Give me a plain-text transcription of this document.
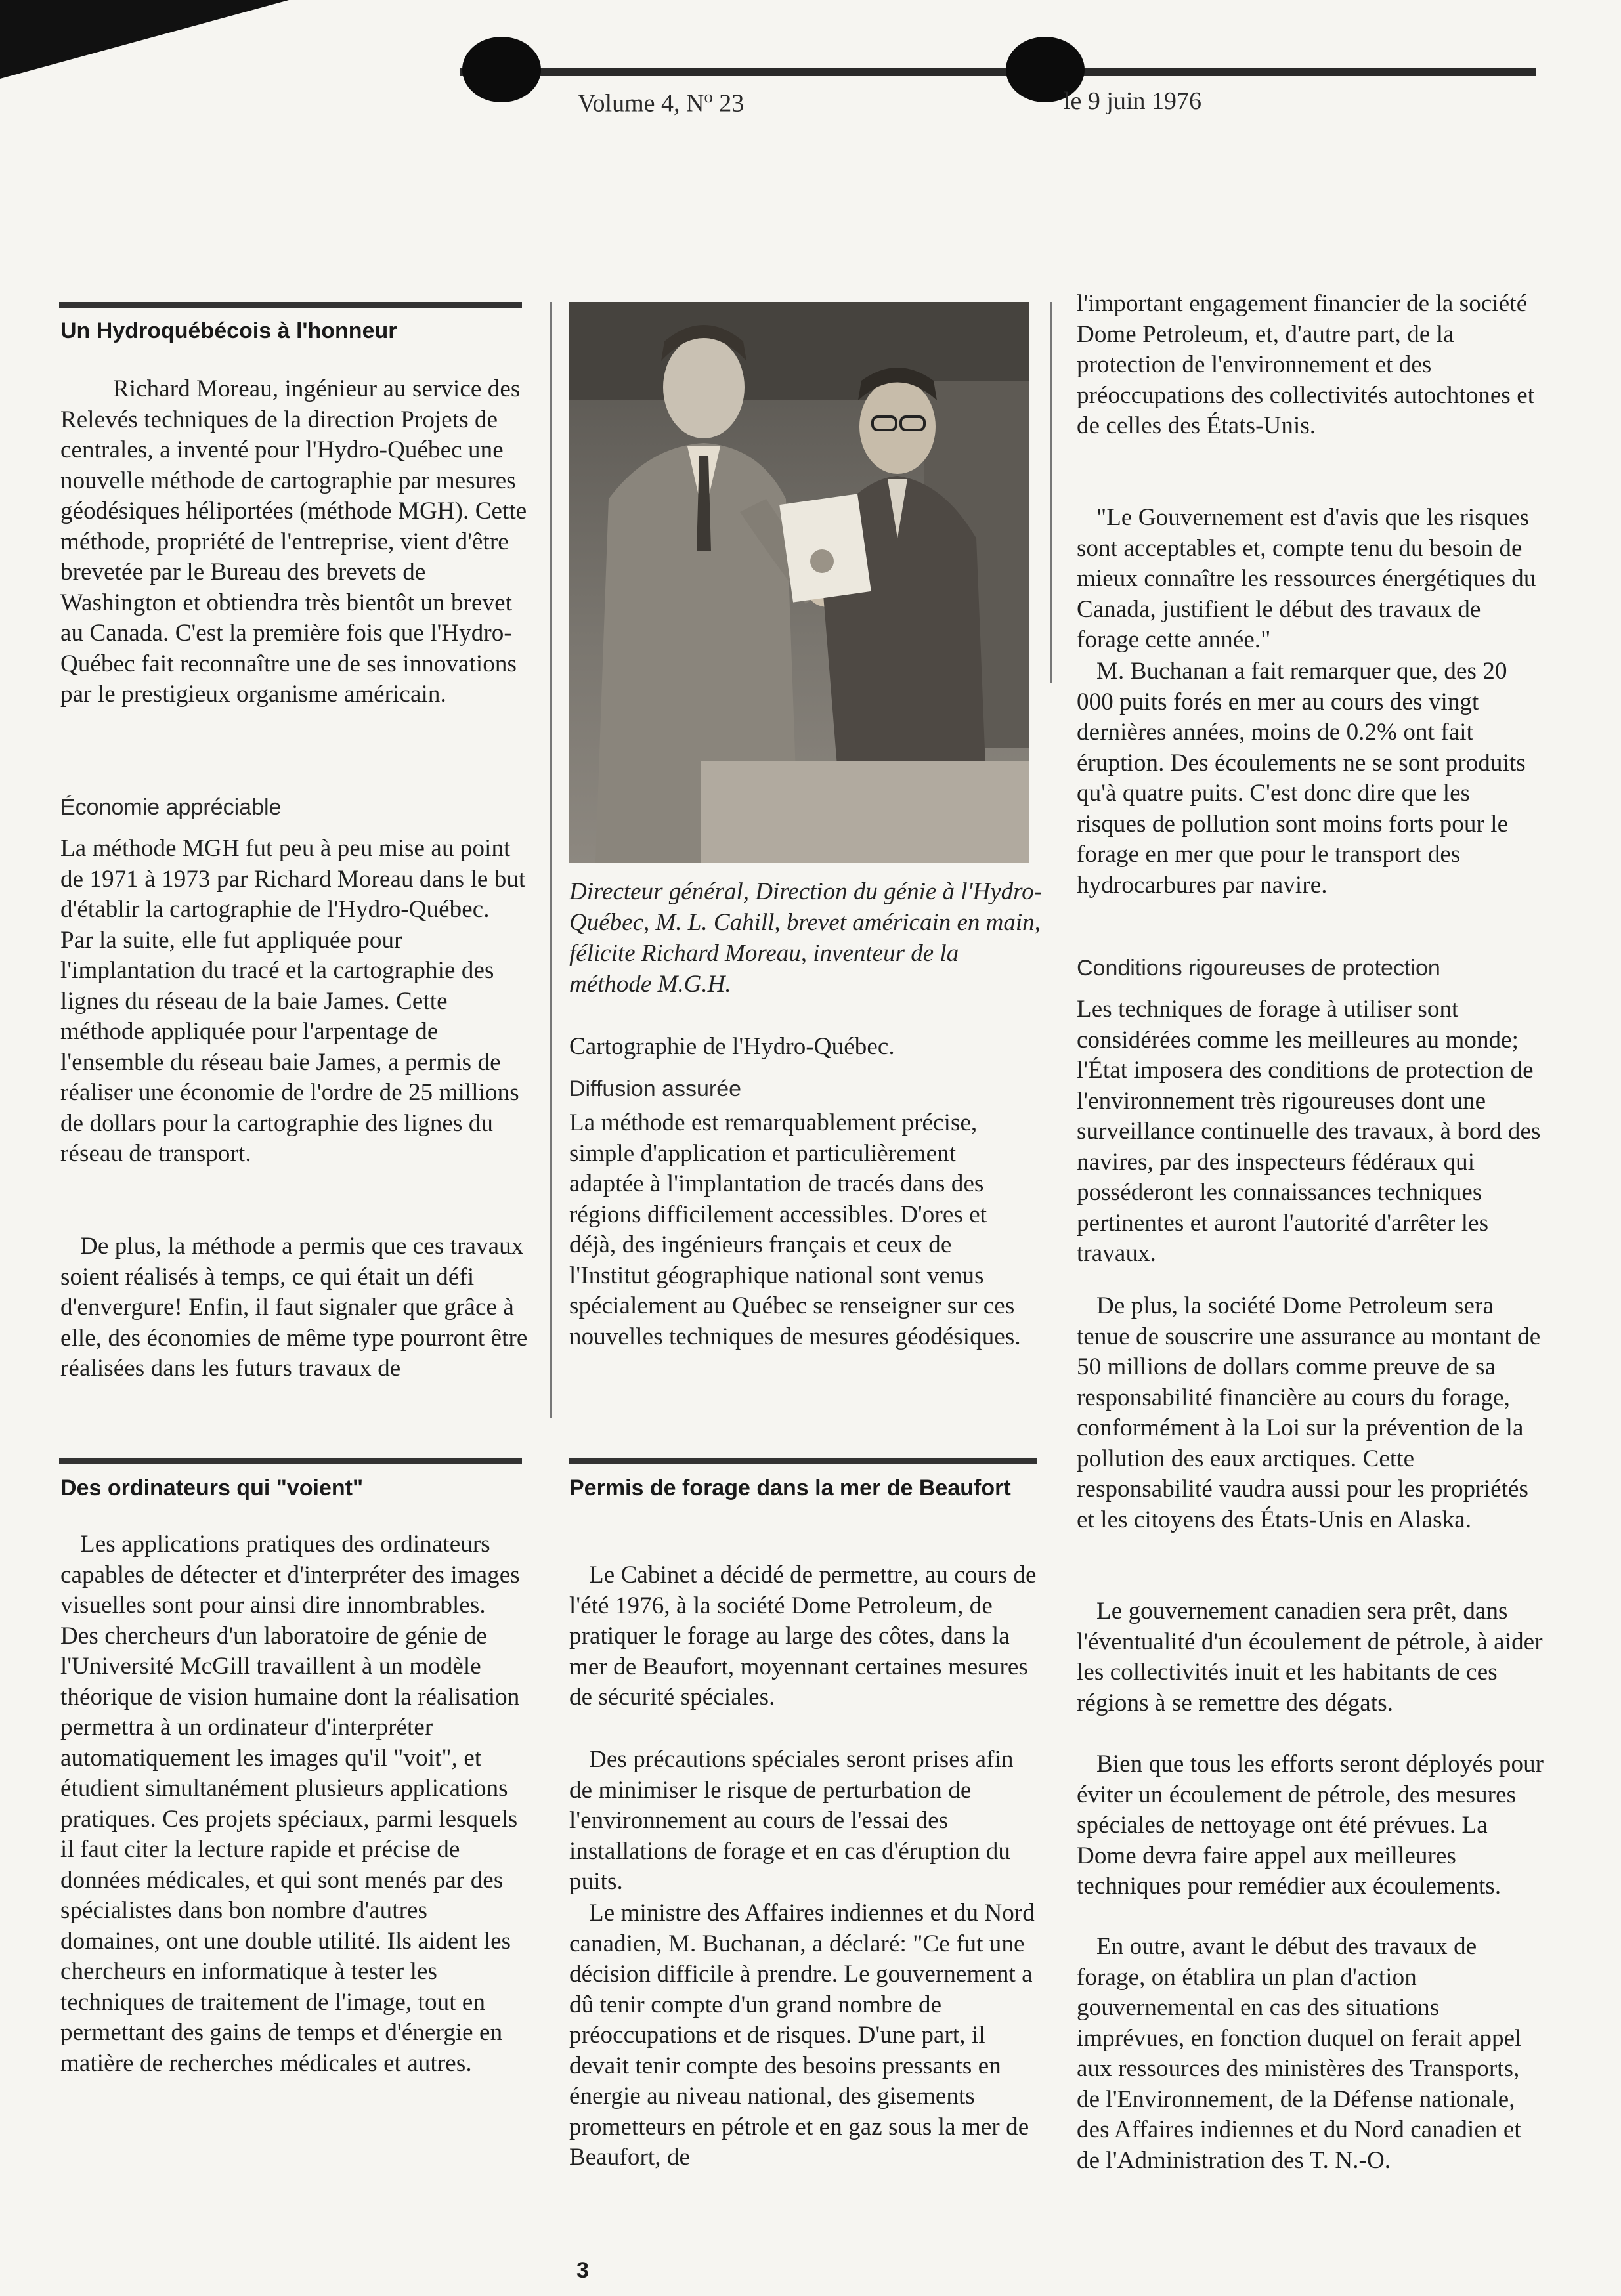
Volume 4, $N^o$ 23	le 9 juin 1976
Un Hydroquébécois à l'honneur
Richard Moreau, ingénieur au service des Relevés techniques de la direction Projets de centrales, a inventé pour l'Hydro-Québec une nouvelle méthode de cartographie par mesures géodésiques héliportées (méthode MGH). Cette méthode, propriété de l'entreprise, vient d'être brevetée par le Bureau des brevets de Washington et obtiendra très bientôt un brevet au Canada. C'est la première fois que l'Hydro-Québec fait reconnaître une de ses innovations par le prestigieux organisme américain.
Économie appréciable
La méthode MGH fut peu à peu mise au point de 1971 à 1973 par Richard Moreau dans le but d'établir la cartographie de l'Hydro-Québec. Par la suite, elle fut appliquée pour l'implantation du tracé et la cartographie des lignes du réseau de la baie James. Cette méthode appliquée pour l'arpentage de l'ensemble du réseau baie James, a permis de réaliser une économie de l'ordre de 25 millions de dollars pour la cartographie des lignes du réseau de transport.
De plus, la méthode a permis que ces travaux soient réalisés à temps, ce qui était un défi d'envergure! Enfin, il faut signaler que grâce à elle, des économies de même type pourront être réalisées dans les futurs travaux de
Directeur général, Direction du génie à l'Hydro-Québec, M. L. Cahill, brevet américain en main, félicite Richard Moreau, inventeur de la méthode M.G.H.
Cartographie de l'Hydro-Québec.
Diffusion assurée
La méthode est remarquablement précise, simple d'application et particulièrement adaptée à l'implantation de tracés dans des régions difficilement accessibles. D'ores et déjà, des ingénieurs français et ceux de l'Institut géographique national sont venus spécialement au Québec se renseigner sur ces nouvelles techniques de mesures géodésiques.
Des ordinateurs qui "voient"
Les applications pratiques des ordinateurs capables de détecter et d'interpréter des images visuelles sont pour ainsi dire innombrables. Des chercheurs d'un laboratoire de génie de l'Université McGill travaillent à un modèle théorique de vision humaine dont la réalisation permettra à un ordinateur d'interpréter automatiquement les images qu'il "voit", et étudient simultanément plusieurs applications pratiques. Ces projets spéciaux, parmi lesquels il faut citer la lecture rapide et précise de données médicales, et qui sont menés par des spécialistes dans bon nombre d'autres domaines, ont une double utilité. Ils aident les chercheurs en informatique à tester les techniques de traitement de l'image, tout en permettant des gains de temps et d'énergie en matière de recherches médicales et autres.
Permis de forage dans la mer de Beaufort
Le Cabinet a décidé de permettre, au cours de l'été 1976, à la société Dome Petroleum, de pratiquer le forage au large des côtes, dans la mer de Beaufort, moyennant certaines mesures de sécurité spéciales.
Des précautions spéciales seront prises afin de minimiser le risque de perturbation de l'environnement au cours de l'essai des installations de forage et en cas d'éruption du puits.
Le ministre des Affaires indiennes et du Nord canadien, M. Buchanan, a déclaré: "Ce fut une décision difficile à prendre. Le gouvernement a dû tenir compte d'un grand nombre de préoccupations et de risques. D'une part, il devait tenir compte des besoins pressants en énergie au niveau national, des gisements prometteurs en pétrole et en gaz sous la mer de Beaufort, de
l'important engagement financier de la société Dome Petroleum, et, d'autre part, de la protection de l'environnement et des préoccupations des collectivités autochtones et de celles des États-Unis.
"Le Gouvernement est d'avis que les risques sont acceptables et, compte tenu du besoin de mieux connaître les ressources énergétiques du Canada, justifient le début des travaux de forage cette année."
M. Buchanan a fait remarquer que, des 20 000 puits forés en mer au cours des vingt dernières années, moins de 0.2% ont fait éruption. Des écoulements ne se sont produits qu'à quatre puits. C'est donc dire que les risques de pollution sont moins forts pour le forage en mer que pour le transport des hydrocarbures par navire.
Conditions rigoureuses de protection
Les techniques de forage à utiliser sont considérées comme les meilleures au monde; l'État imposera des conditions de protection de l'environnement très rigoureuses dont une surveillance continuelle des travaux, à bord des navires, par des inspecteurs fédéraux qui posséderont les connaissances techniques pertinentes et auront l'autorité d'arrêter les travaux.
De plus, la société Dome Petroleum sera tenue de souscrire une assurance au montant de 50 millions de dollars comme preuve de sa responsabilité financière au cours du forage, conformément à la Loi sur la prévention de la pollution des eaux arctiques. Cette responsabilité vaudra aussi pour les propriétés et les citoyens des États-Unis en Alaska.
Le gouvernement canadien sera prêt, dans l'éventualité d'un écoulement de pétrole, à aider les collectivités inuit et les habitants de ces régions à se remettre des dégats.
Bien que tous les efforts seront déployés pour éviter un écoulement de pétrole, des mesures spéciales de nettoyage ont été prévues. La Dome devra faire appel aux meilleures techniques pour remédier aux écoulements.
En outre, avant le début des travaux de forage, on établira un plan d'action gouvernemental en cas des situations imprévues, en fonction duquel on ferait appel aux ressources des ministères des Transports, de l'Environnement, de la Défense nationale, des Affaires indiennes et du Nord canadien et de l'Administration des T. N.-O.
3
